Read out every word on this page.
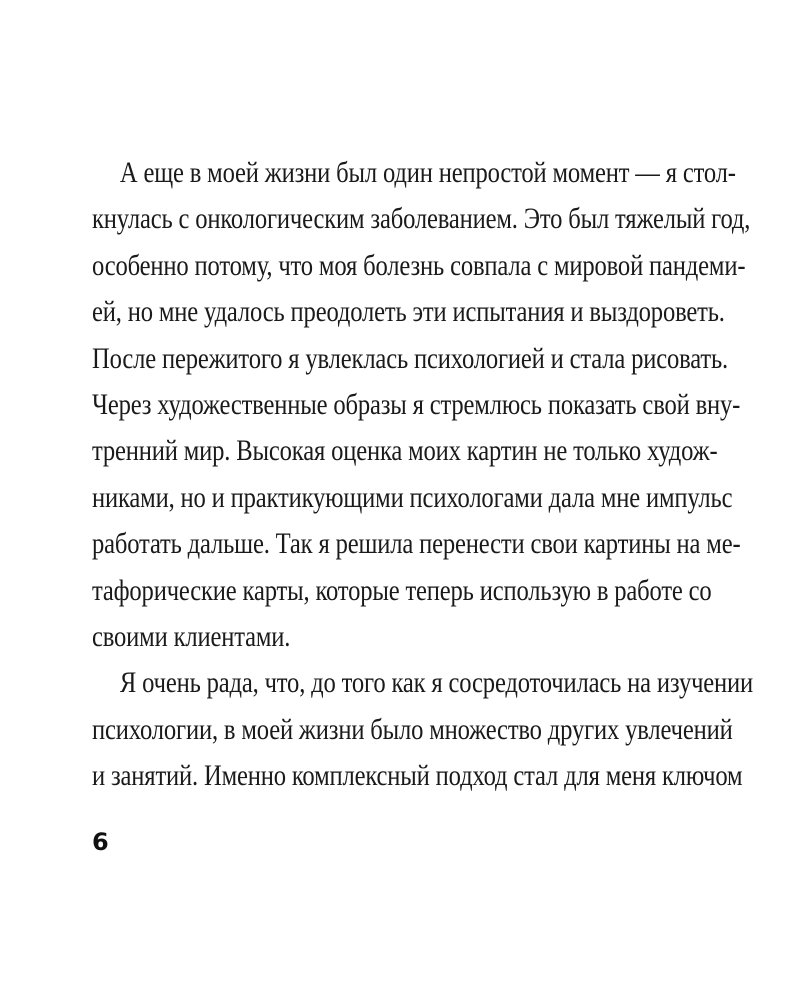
А еще в моей жизни был один непростой момент — я стол-
кнулась с онкологическим заболеванием. Это был тяжелый год,
особенно потому, что моя болезнь совпала с мировой пандеми-
ей, но мне удалось преодолеть эти испытания и выздороветь.
После пережитого я увлеклась психологией и стала рисовать.
Через художественные образы я стремлюсь показать свой вну-
тренний мир. Высокая оценка моих картин не только худож-
никами, но и практикующими психологами дала мне импульс
работать дальше. Так я решила перенести свои картины на ме-
тафорические карты, которые теперь использую в работе со
своими клиентами.
Я очень рада, что, до того как я сосредоточилась на изучении
психологии, в моей жизни было множество других увлечений
и занятий. Именно комплексный подход стал для меня ключом
6
